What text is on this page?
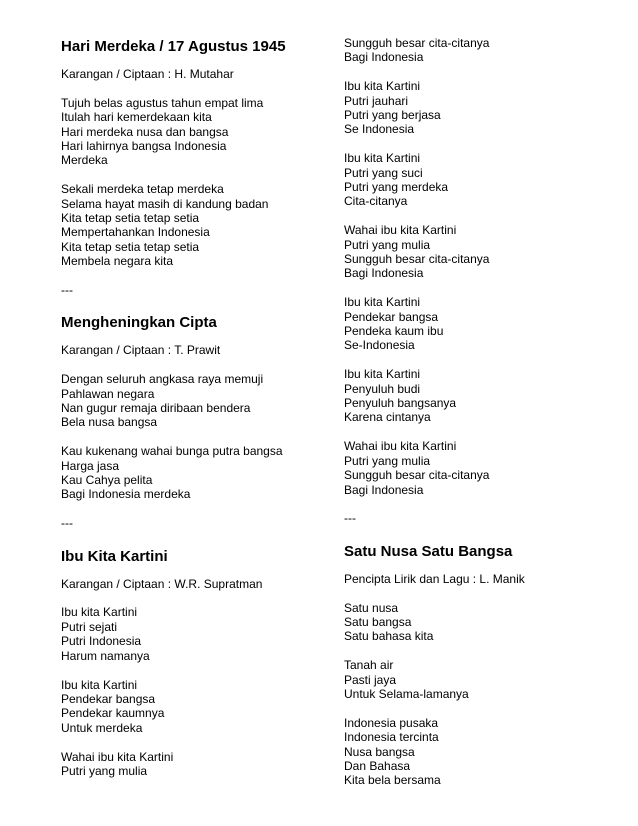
Hari Merdeka / 17 Agustus 1945

Karangan / Ciptaan : H. Mutahar

Tujuh belas agustus tahun empat lima

Itulah hari kemerdekaan kita

Hari merdeka nusa dan bangsa

Hari lahirnya bangsa Indonesia

Merdeka

Sekali merdeka tetap merdeka

Selama hayat masih di kandung badan

Kita tetap setia tetap setia

Mempertahankan Indonesia

Kita tetap setia tetap setia

Membela negara kita

---

Mengheningkan Cipta

Karangan / Ciptaan : T. Prawit

Dengan seluruh angkasa raya memuji

Pahlawan negara

Nan gugur remaja diribaan bendera

Bela nusa bangsa

Kau kukenang wahai bunga putra bangsa

Harga jasa

Kau Cahya pelita

Bagi Indonesia merdeka

---

Ibu Kita Kartini

Karangan / Ciptaan : W.R. Supratman

Ibu kita Kartini

Putri sejati

Putri Indonesia

Harum namanya

Ibu kita Kartini

Pendekar bangsa

Pendekar kaumnya

Untuk merdeka

Wahai ibu kita Kartini

Putri yang mulia

Sungguh besar cita-citanya

Bagi Indonesia

Ibu kita Kartini

Putri jauhari

Putri yang berjasa

Se Indonesia

Ibu kita Kartini

Putri yang suci

Putri yang merdeka

Cita-citanya

Wahai ibu kita Kartini

Putri yang mulia

Sungguh besar cita-citanya

Bagi Indonesia

Ibu kita Kartini

Pendekar bangsa

Pendeka kaum ibu

Se-Indonesia

Ibu kita Kartini

Penyuluh budi

Penyuluh bangsanya

Karena cintanya

Wahai ibu kita Kartini

Putri yang mulia

Sungguh besar cita-citanya

Bagi Indonesia

---

Satu Nusa Satu Bangsa

Pencipta Lirik dan Lagu : L. Manik

Satu nusa

Satu bangsa

Satu bahasa kita

Tanah air

Pasti jaya

Untuk Selama-lamanya

Indonesia pusaka

Indonesia tercinta

Nusa bangsa

Dan Bahasa

Kita bela bersama
